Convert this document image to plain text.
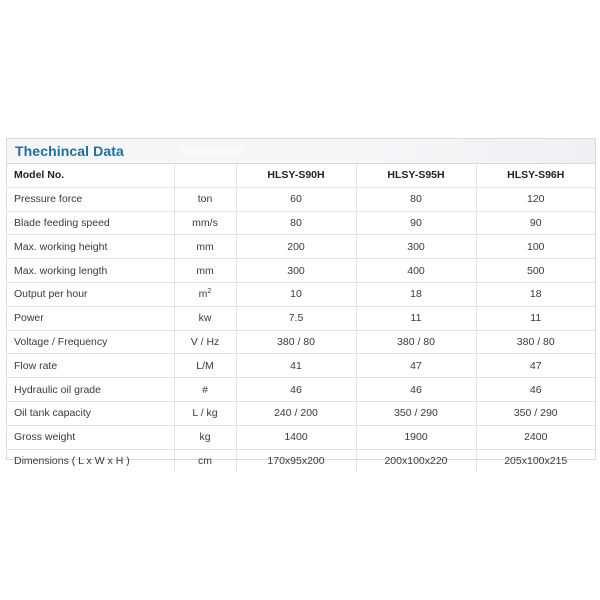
Thechincal Data
Model No.		HLSY-S90H	HLSY-S95H	HLSY-S96H
Pressure force	ton	60	80	120
Blade feeding speed	mm/s	80	90	90
Max. working height	mm	200	300	100
Max. working length	mm	300	400	500
Output per hour	$m^2$	10	18	18
Power	kw	7.5	11	11
Voltage / Frequency	V / Hz	380 / 80	380 / 80	380 / 80
Flow rate	L/M	41	47	47
Hydraulic oil grade	#	46	46	46
Oil tank capacity	L / kg	240 / 200	350 / 290	350 / 290
Gross weight	kg	1400	1900	2400
Dimensions ( L x W x H )	cm	170x95x200	200x100x220	205x100x215
